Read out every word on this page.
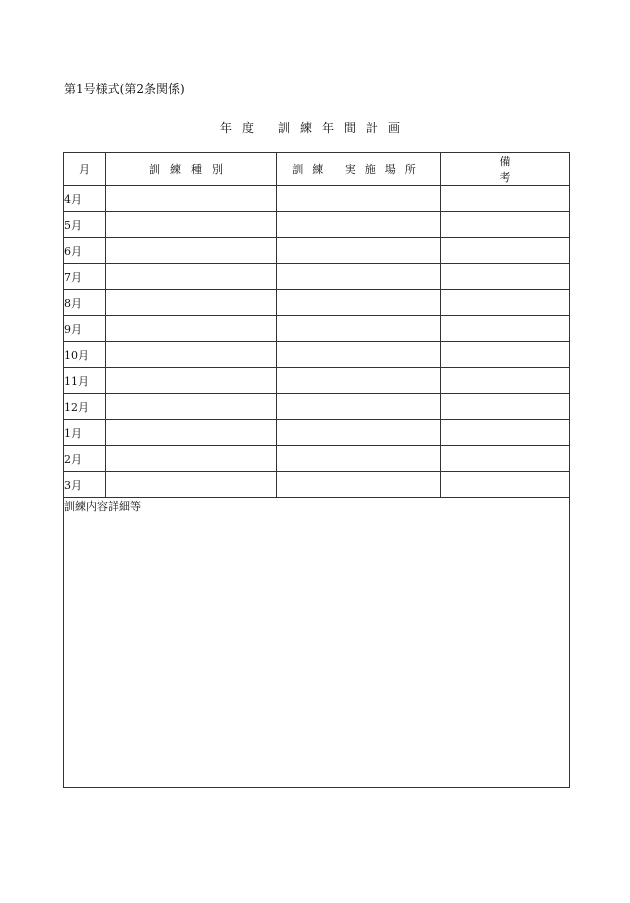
第1号様式(第2条関係)
年度 訓練年間計画
月	訓練種別	訓練 実施場所	備考
4月			
5月			
6月			
7月			
8月			
9月			
10月			
11月			
12月			
1月			
2月			
3月			
訓練内容詳細等			
